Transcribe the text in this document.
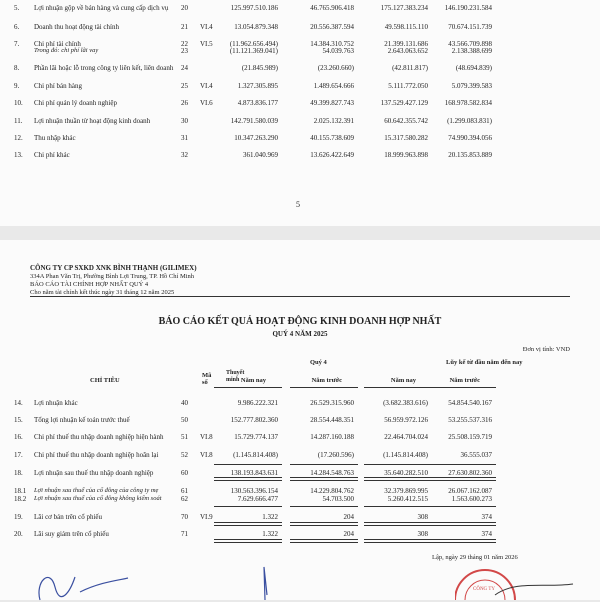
5. Lợi nhuận gộp về bán hàng và cung cấp dịch vụ 20	125.997.510.186	46.765.906.418	175.127.383.234 146.190.231.584
6. Doanh thu hoạt động tài chính	21 VI.4	13.054.879.348	20.556.387.594	49.598.115.110	70.674.151.739
7. Chi phí tài chính	22 VI.5 (11.962.656.494)	14.384.310.752	21.399.131.686	43.566.709.898
Trong đó: chi phí lãi vay	23	(11.121.369.041)	54.039.763	2.643.063.652	2.138.388.699
8. Phần lãi hoặc lỗ trong công ty liên kết, liên doanh 24	(21.845.989)	(23.260.660)	(42.811.817)	(48.694.839)
9. Chi phí bán hàng	25 VI.4	1.327.305.895	1.489.654.666	5.111.772.050	5.079.399.583
10. Chi phí quản lý doanh nghiệp	26 VI.6	4.873.836.177	49.399.827.743	137.529.427.129 168.978.582.834
11. Lợi nhuận thuần từ hoạt động kinh doanh	30	142.791.580.039	2.025.132.391	60.642.355.742	(1.299.083.831)
12. Thu nhập khác	31	10.347.263.290	40.155.738.609	15.317.580.282	74.990.394.056
13. Chi phí khác	32	361.040.969	13.626.422.649	18.999.963.898	20.135.853.889
5
CÔNG TY CP SXKD XNK BÌNH THẠNH (GILIMEX)
334A Phan Văn Trị, Phường Bình Lợi Trung, TP. Hồ Chí Minh
BÁO CÁO TÀI CHÍNH HỢP NHẤT QUÝ 4
Cho năm tài chính kết thúc ngày 31 tháng 12 năm 2025
BÁO CÁO KẾT QUẢ HOẠT ĐỘNG KINH DOANH HỢP NHẤT
QUÝ 4 NĂM 2025
Đơn vị tính: VND
Quý 4	Lũy kế từ đầu năm đến nay
CHỈ TIÊU
Mã số
Thuyết minh Năm nay	Năm trước	Năm nay	Năm trước
14. Lợi nhuận khác	40	9.986.222.321	26.529.315.960	(3.682.383.616)	54.854.540.167
15. Tổng lợi nhuận kế toán trước thuế	50	152.777.802.360	28.554.448.351	56.959.972.126	53.255.537.316
16. Chi phí thuế thu nhập doanh nghiệp hiện hành	51 VI.8	15.729.774.137	14.287.160.188	22.464.704.024	25.508.159.719
17. Chi phí thuế thu nhập doanh nghiệp hoãn lại	52 VI.8	(1.145.814.408)	(17.260.596)	(1.145.814.408)	36.555.037
18. Lợi nhuận sau thuế thu nhập doanh nghiệp	60	138.193.843.631	14.284.548.763	35.640.282.510	27.630.802.360
18.1 Lợi nhuận sau thuế của cổ đông của công ty mẹ	61	130.563.396.154	14.229.804.762	32.379.869.995	26.067.162.087
18.2 Lợi nhuận sau thuế của cổ đông không kiểm soát	62	7.629.666.477	54.703.500	5.260.412.515	1.563.600.273
19. Lãi cơ bản trên cổ phiếu	70 VI.9	1.322	204	308	374
20. Lãi suy giảm trên cổ phiếu	71	1.322	204	308	374
Lập, ngày 29 tháng 01 năm 2026
CÔNG TY
